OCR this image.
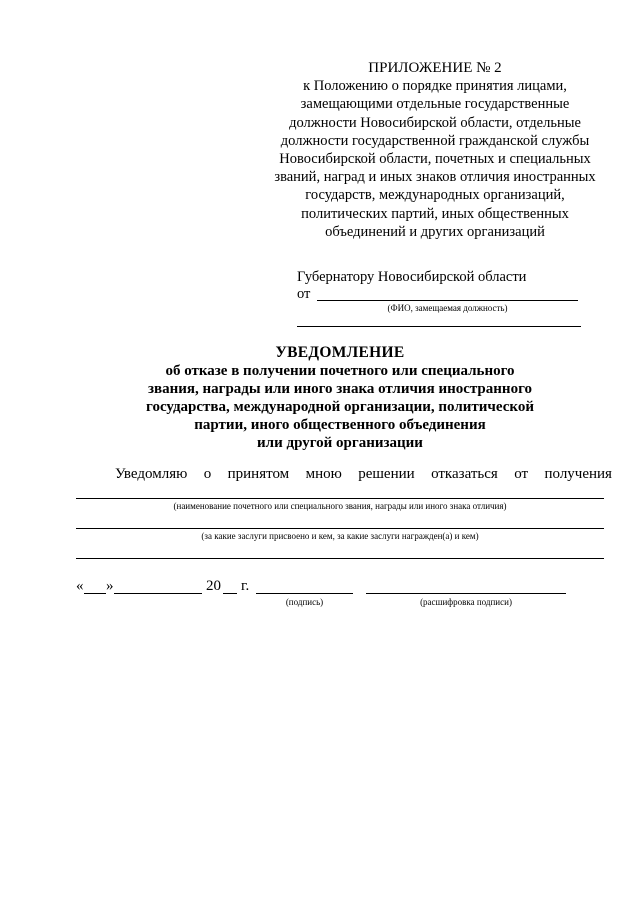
ПРИЛОЖЕНИЕ № 2
к Положению о порядке принятия лицами,
замещающими отдельные государственные
должности Новосибирской области, отдельные
должности государственной гражданской службы
Новосибирской области, почетных и специальных
званий, наград и иных знаков отличия иностранных
государств, международных организаций,
политических партий, иных общественных
объединений и других организаций
Губернатору Новосибирской области
от
(ФИО, замещаемая должность)
УВЕДОМЛЕНИЕ
об отказе в получении почетного или специального
звания, награды или иного знака отличия иностранного
государства, международной организации, политической
партии, иного общественного объединения
или другой организации
Уведомляю о принятом мною решении отказаться от получения
(наименование почетного или специального звания, награды или иного знака отличия)
(за какие заслуги присвоено и кем, за какие заслуги награжден(а) и кем)
« »	20 г.
(подпись)	(расшифровка подписи)
